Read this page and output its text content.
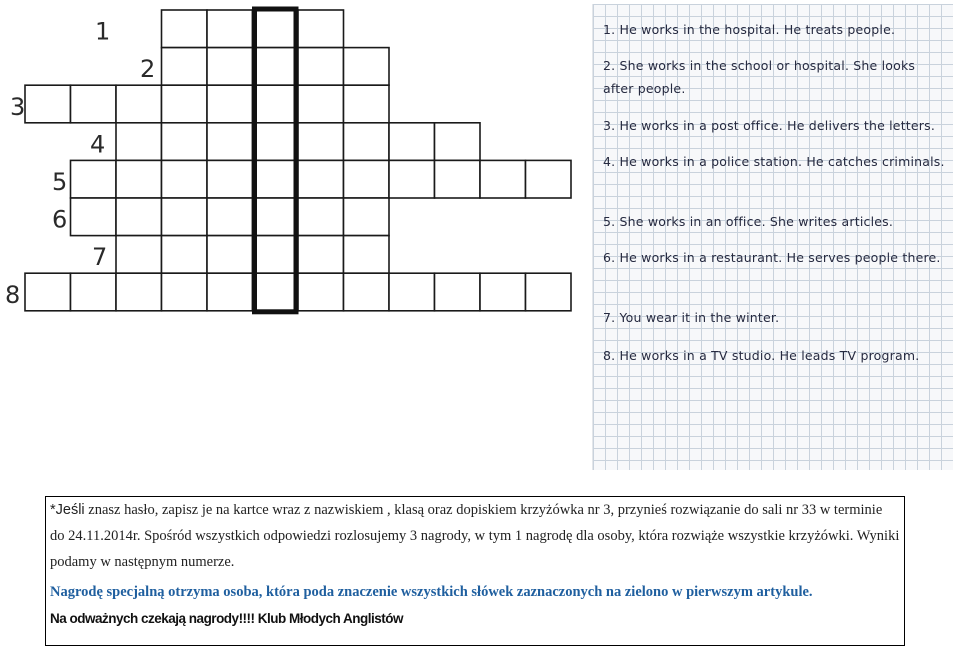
1
2
3
4
5
6
7
8

1. He works in the hospital. He treats people.

2. She works in the school or hospital. She looks after people.

3. He works in a post office. He delivers the letters.

4. He works in a police station. He catches criminals.

5. She works in an office. She writes articles.

6. He works in a restaurant. He serves people there.

7. You wear it in the winter.

8. He works in a TV studio. He leads TV program.

*Jeśli znasz hasło, zapisz je na kartce wraz z nazwiskiem , klasą oraz dopiskiem krzyżówka nr 3, przynieś rozwiązanie do sali nr 33 w terminie do 24.11.2014r. Spośród wszystkich odpowiedzi rozlosujemy 3 nagrody, w tym 1 nagrodę dla osoby, która rozwiąże wszystkie krzyżówki. Wyniki podamy w następnym numerze.

Nagrodę specjalną otrzyma osoba, która poda znaczenie wszystkich słówek zaznaczonych na zielono w pierwszym artykule.

Na odważnych czekają nagrody!!!! Klub Młodych Anglistów
